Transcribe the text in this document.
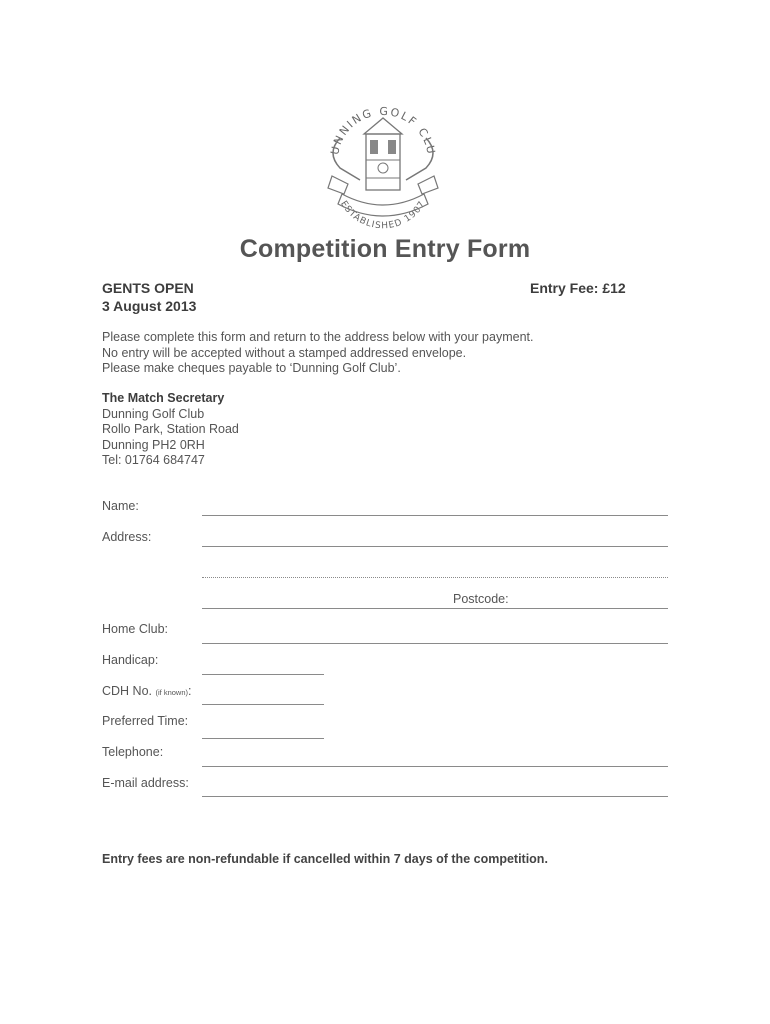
UNNING GOLF CLU
ESTABLISHED 1907
Competition Entry Form
GENTS OPEN
3 August 2013
Entry Fee: £12
Please complete this form and return to the address below with your payment.
No entry will be accepted without a stamped addressed envelope.
Please make cheques payable to ‘Dunning Golf Club’.
The Match Secretary
Dunning Golf Club
Rollo Park, Station Road
Dunning PH2 0RH
Tel: 01764 684747
Name:
Address:
Postcode:
Home Club:
Handicap:
CDH No. (if known):
Preferred Time:
Telephone:
E-mail address:
Entry fees are non-refundable if cancelled within 7 days of the competition.
